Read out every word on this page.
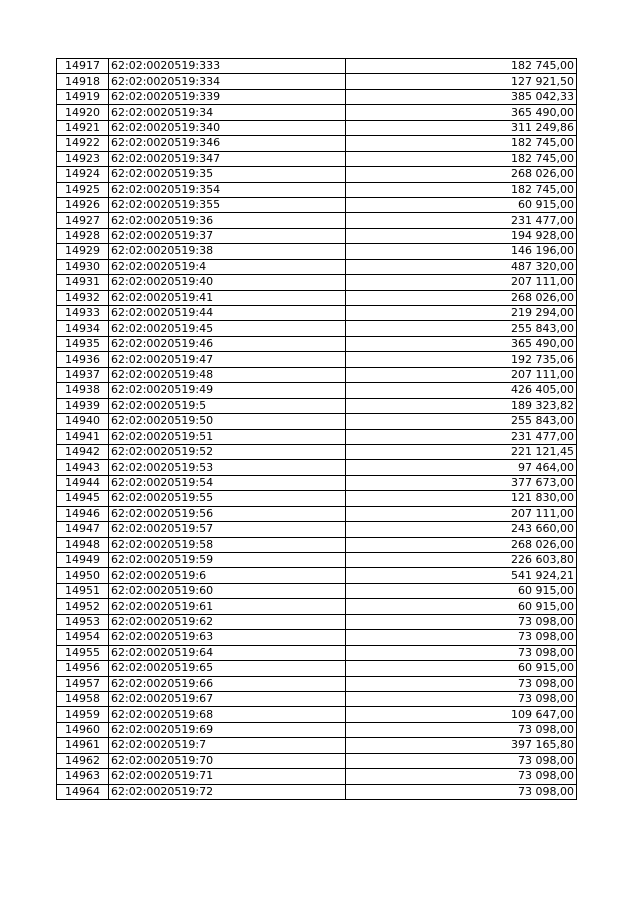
14917	62:02:0020519:333	182 745,00
14918	62:02:0020519:334	127 921,50
14919	62:02:0020519:339	385 042,33
14920	62:02:0020519:34	365 490,00
14921	62:02:0020519:340	311 249,86
14922	62:02:0020519:346	182 745,00
14923	62:02:0020519:347	182 745,00
14924	62:02:0020519:35	268 026,00
14925	62:02:0020519:354	182 745,00
14926	62:02:0020519:355	60 915,00
14927	62:02:0020519:36	231 477,00
14928	62:02:0020519:37	194 928,00
14929	62:02:0020519:38	146 196,00
14930	62:02:0020519:4	487 320,00
14931	62:02:0020519:40	207 111,00
14932	62:02:0020519:41	268 026,00
14933	62:02:0020519:44	219 294,00
14934	62:02:0020519:45	255 843,00
14935	62:02:0020519:46	365 490,00
14936	62:02:0020519:47	192 735,06
14937	62:02:0020519:48	207 111,00
14938	62:02:0020519:49	426 405,00
14939	62:02:0020519:5	189 323,82
14940	62:02:0020519:50	255 843,00
14941	62:02:0020519:51	231 477,00
14942	62:02:0020519:52	221 121,45
14943	62:02:0020519:53	97 464,00
14944	62:02:0020519:54	377 673,00
14945	62:02:0020519:55	121 830,00
14946	62:02:0020519:56	207 111,00
14947	62:02:0020519:57	243 660,00
14948	62:02:0020519:58	268 026,00
14949	62:02:0020519:59	226 603,80
14950	62:02:0020519:6	541 924,21
14951	62:02:0020519:60	60 915,00
14952	62:02:0020519:61	60 915,00
14953	62:02:0020519:62	73 098,00
14954	62:02:0020519:63	73 098,00
14955	62:02:0020519:64	73 098,00
14956	62:02:0020519:65	60 915,00
14957	62:02:0020519:66	73 098,00
14958	62:02:0020519:67	73 098,00
14959	62:02:0020519:68	109 647,00
14960	62:02:0020519:69	73 098,00
14961	62:02:0020519:7	397 165,80
14962	62:02:0020519:70	73 098,00
14963	62:02:0020519:71	73 098,00
14964	62:02:0020519:72	73 098,00
